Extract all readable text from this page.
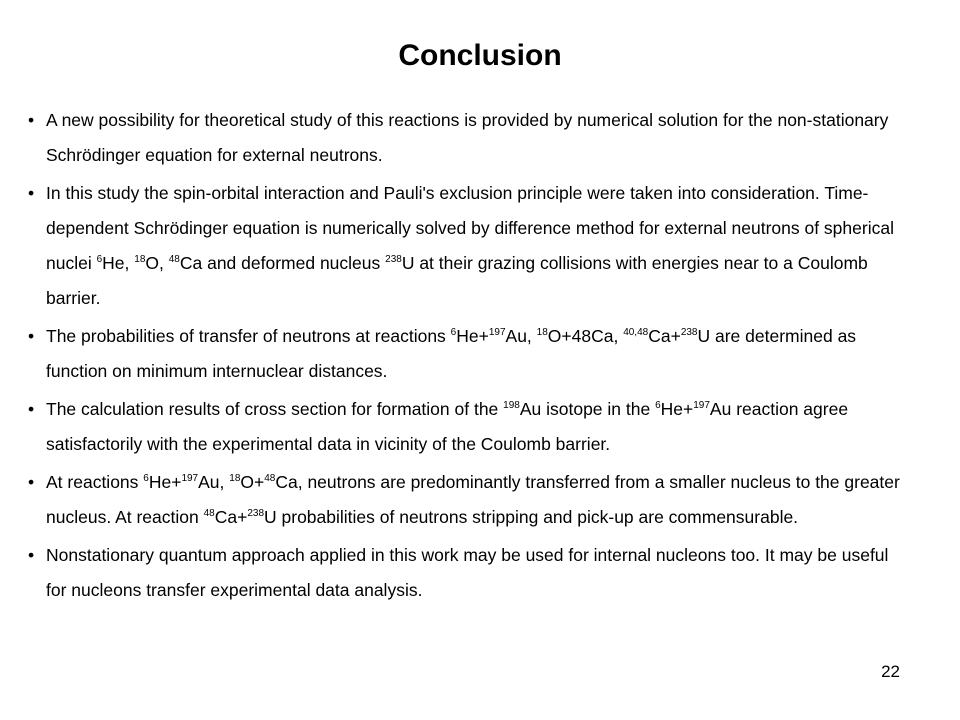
Conclusion
• A new possibility for theoretical study of this reactions is provided by numerical solution for the non-stationary Schrödinger equation for external neutrons.
• In this study the spin-orbital interaction and Pauli's exclusion principle were taken into consideration. Time-dependent Schrödinger equation is numerically solved by difference method for external neutrons of spherical nuclei $^6$He, $^{18}$O, $^{48}$Ca and deformed nucleus $^{238}$U at their grazing collisions with energies near to a Coulomb barrier.
• The probabilities of transfer of neutrons at reactions $^6$He+$^{197}$Au, $^{18}$O+48Ca, $^{40,48}$Ca+$^{238}$U are determined as function on minimum internuclear distances.
• The calculation results of cross section for formation of the $^{198}$Au isotope in the $^6$He+$^{197}$Au reaction agree satisfactorily with the experimental data in vicinity of the Coulomb barrier.
• At reactions $^6$He+$^{197}$Au, $^{18}$O+$^{48}$Ca, neutrons are predominantly transferred from a smaller nucleus to the greater nucleus. At reaction $^{48}$Ca+$^{238}$U probabilities of neutrons stripping and pick-up are commensurable.
• Nonstationary quantum approach applied in this work may be used for internal nucleons too. It may be useful for nucleons transfer experimental data analysis.
22
